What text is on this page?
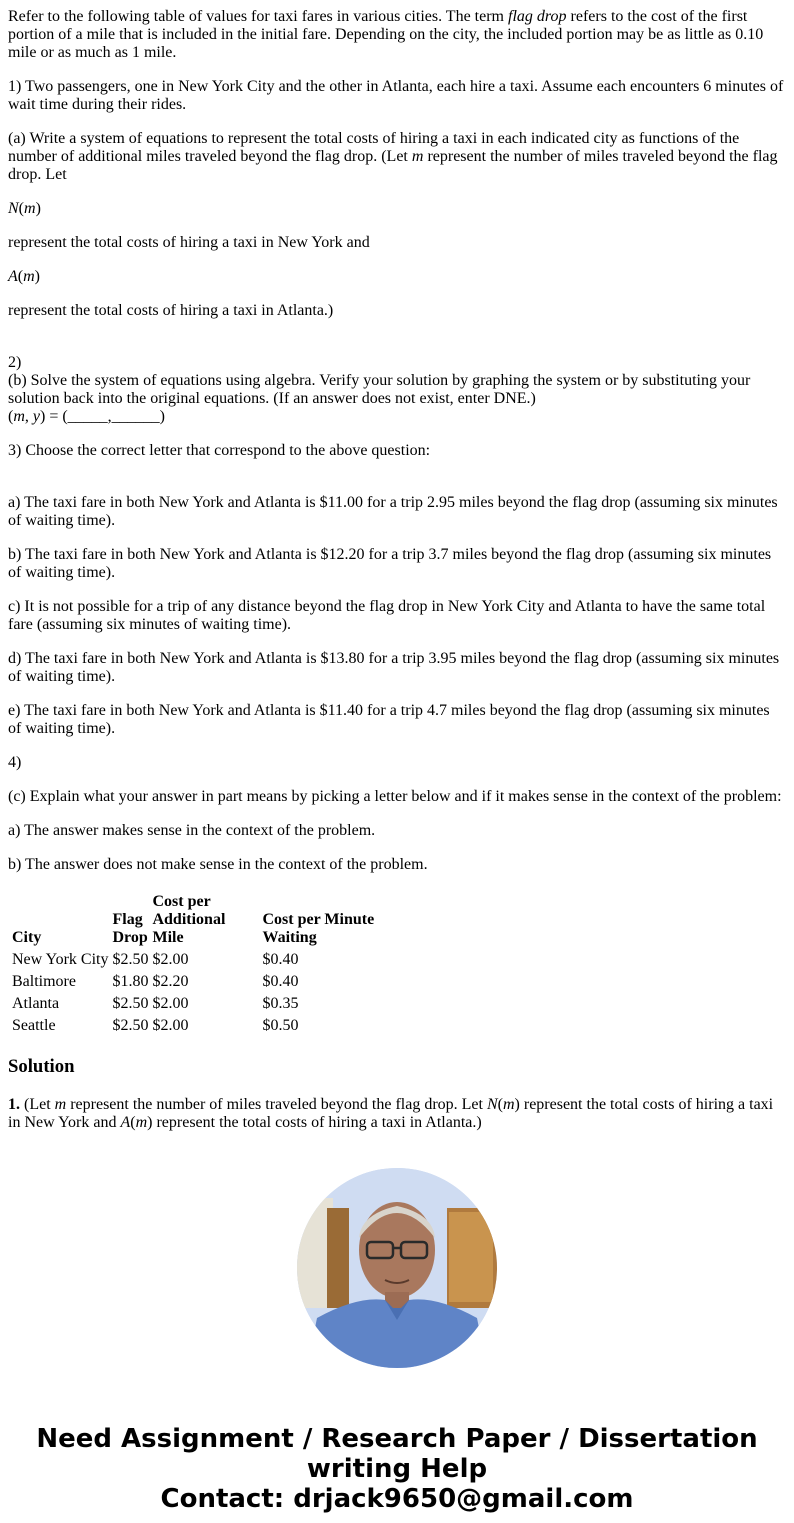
Refer to the following table of values for taxi fares in various cities. The term flag drop refers to the cost of the first portion of a mile that is included in the initial fare. Depending on the city, the included portion may be as little as 0.10 mile or as much as 1 mile.

1) Two passengers, one in New York City and the other in Atlanta, each hire a taxi. Assume each encounters 6 minutes of wait time during their rides.

(a) Write a system of equations to represent the total costs of hiring a taxi in each indicated city as functions of the number of additional miles traveled beyond the flag drop. (Let m represent the number of miles traveled beyond the flag drop. Let

N(m)

represent the total costs of hiring a taxi in New York and

A(m)

represent the total costs of hiring a taxi in Atlanta.)

2)
(b) Solve the system of equations using algebra. Verify your solution by graphing the system or by substituting your solution back into the original equations. (If an answer does not exist, enter DNE.)
(m, y) = (_____,______)

3) Choose the correct letter that correspond to the above question:

a) The taxi fare in both New York and Atlanta is $11.00 for a trip 2.95 miles beyond the flag drop (assuming six minutes of waiting time).

b) The taxi fare in both New York and Atlanta is $12.20 for a trip 3.7 miles beyond the flag drop (assuming six minutes of waiting time).

c) It is not possible for a trip of any distance beyond the flag drop in New York City and Atlanta to have the same total fare (assuming six minutes of waiting time).

d) The taxi fare in both New York and Atlanta is $13.80 for a trip 3.95 miles beyond the flag drop (assuming six minutes of waiting time).

e) The taxi fare in both New York and Atlanta is $11.40 for a trip 4.7 miles beyond the flag drop (assuming six minutes of waiting time).

4)

(c) Explain what your answer in part means by picking a letter below and if it makes sense in the context of the problem:

a) The answer makes sense in the context of the problem.

b) The answer does not make sense in the context of the problem.

City	Flag Drop	Cost per Additional Mile	Cost per Minute Waiting
New York City	$2.50	$2.00	$0.40
Baltimore	$1.80	$2.20	$0.40
Atlanta	$2.50	$2.00	$0.35
Seattle	$2.50	$2.00	$0.50
Solution

1. (Let m represent the number of miles traveled beyond the flag drop. Let N(m) represent the total costs of hiring a taxi in New York and A(m) represent the total costs of hiring a taxi in Atlanta.)

Need Assignment / Research Paper / Dissertation
writing Help
Contact: drjack9650@gmail.com
